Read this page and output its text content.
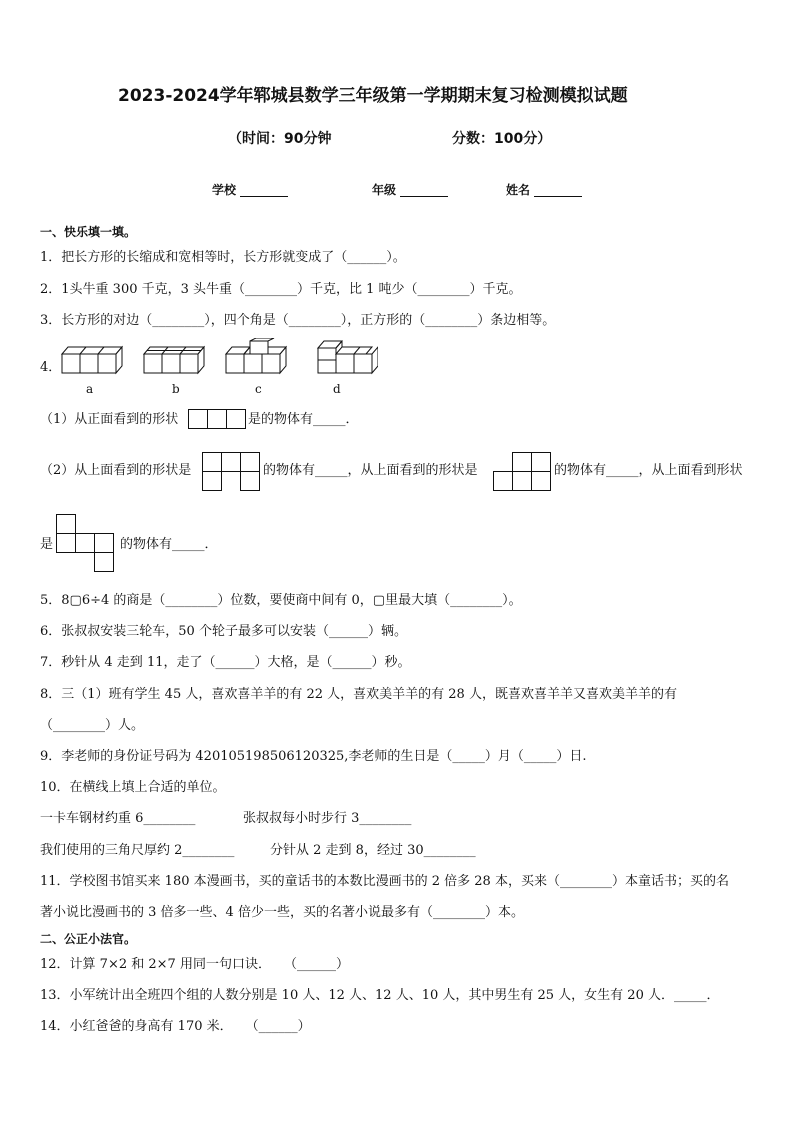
2023-2024学年郓城县数学三年级第一学期期末复习检测模拟试题
（时间：90分钟	分数：100分）
学校	年级	姓名
一、快乐填一填。
1．把长方形的长缩成和宽相等时，长方形就变成了（______）。
2．1头牛重 300 千克，3 头牛重（________）千克，比 1 吨少（________）千克。
3．长方形的对边（________），四个角是（________），正方形的（________）条边相等。
4．
a	b	c	d
（1）从正面看到的形状
			是的物体有_____．
（2）从上面看到的形状是

			的物体有_____，从上面看到的形状是

			的物体有_____，从上面看到形状
是

			的物体有_____．
5．8▢6÷4 的商是（________）位数，要使商中间有 0，▢里最大填（________）。
6．张叔叔安装三轮车，50 个轮子最多可以安装（______）辆。
7．秒针从 4 走到 11，走了（______）大格，是（______）秒。
8．三（1）班有学生 45 人，喜欢喜羊羊的有 22 人，喜欢美羊羊的有 28 人，既喜欢喜羊羊又喜欢美羊羊的有
（________）人。
9．李老师的身份证号码为 420105198506120325,李老师的生日是（_____）月（_____）日.
10．在横线上填上合适的单位。
一卡车钢材约重 6________	张叔叔每小时步行 3________
我们使用的三角尺厚约 2________	分针从 2 走到 8，经过 30________
11．学校图书馆买来 180 本漫画书，买的童话书的本数比漫画书的 2 倍多 28 本，买来（________）本童话书；买的名
著小说比漫画书的 3 倍多一些、4 倍少一些，买的名著小说最多有（________）本。
二、公正小法官。
12．计算 7×2 和 2×7 用同一句口诀．　　（______）
13．小军统计出全班四个组的人数分别是 10 人、12 人、12 人、10 人，其中男生有 25 人，女生有 20 人．_____．
14．小红爸爸的身高有 170 米．　　（______）
